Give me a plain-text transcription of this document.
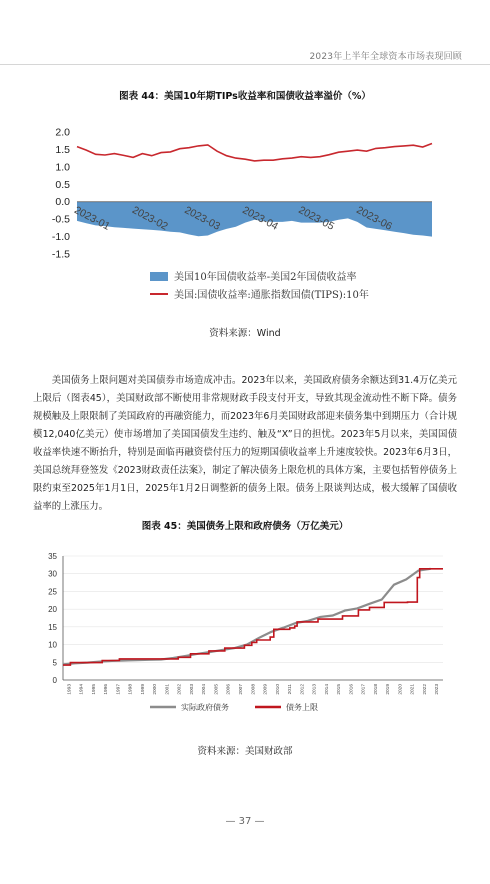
2023年上半年全球资本市场表现回顾
图表 44：美国10年期TIPs收益率和国债收益率溢价（%）
2.0
1.5
1.0
0.5
0.0
-0.5
-1.0
-1.5
2023-01 2023-02 2023-03 2023-04 2023-05 2023-06
美国10年国债收益率-美国2年国债收益率
美国:国债收益率:通胀指数国债(TIPS):10年
资料来源：Wind

美国债务上限问题对美国债券市场造成冲击。2023年以来，美国政府债务余额达到31.4万亿美元上限后（图表45），美国财政部不断使用非常规财政手段支付开支，导致其现金流动性不断下降。债务规模触及上限限制了美国政府的再融资能力，而2023年6月美国财政部迎来债务集中到期压力（合计规模12,040亿美元）使市场增加了美国国债发生违约、触及“X”日的担忧。2023年5月以来，美国国债收益率快速不断抬升，特别是面临再融资偿付压力的短期国债收益率上升速度较快。2023年6月3日，美国总统拜登签发《2023财政责任法案》，制定了解决债务上限危机的具体方案，主要包括暂停债务上限约束至2025年1月1日，2025年1月2日调整新的债务上限。债务上限谈判达成，极大缓解了国债收益率的上涨压力。

图表 45：美国债务上限和政府债务（万亿美元）
35
30
25
20
15
10
5
0
1993 1994 1995 1996 1997 1998 1999 2000 2001 2002 2003 2004 2005 2006 2007 2008 2009 2010 2011 2012 2013 2014 2015 2016 2017 2018 2019 2020 2021 2022 2023
实际政府债务	债务上限
资料来源：美国财政部
— 37 —
